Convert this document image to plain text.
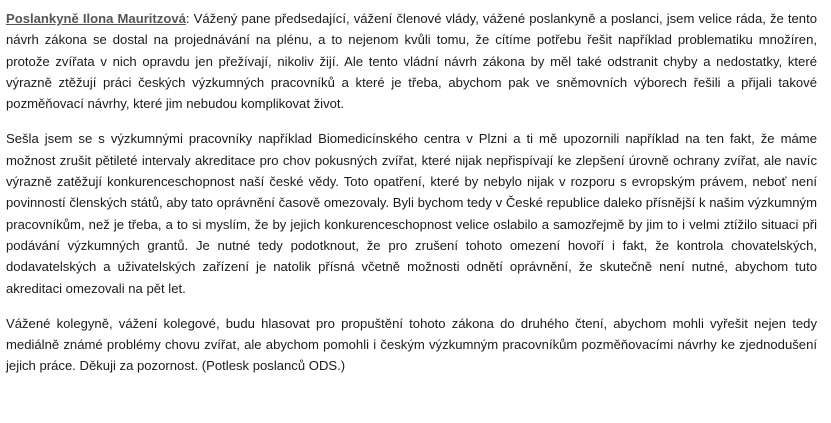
Poslankyně Ilona Mauritzová: Vážený pane předsedající, vážení členové vlády, vážené poslankyně a poslanci, jsem velice ráda, že tento návrh zákona se dostal na projednávání na plénu, a to nejenom kvůli tomu, že cítíme potřebu řešit například problematiku množíren, protože zvířata v nich opravdu jen přežívají, nikoliv žijí. Ale tento vládní návrh zákona by měl také odstranit chyby a nedostatky, které výrazně ztěžují práci českých výzkumných pracovníků a které je třeba, abychom pak ve sněmovních výborech řešili a přijali takové pozměňovací návrhy, které jim nebudou komplikovat život.

Sešla jsem se s výzkumnými pracovníky například Biomedicínského centra v Plzni a ti mě upozornili například na ten fakt, že máme možnost zrušit pětileté intervaly akreditace pro chov pokusných zvířat, které nijak nepřispívají ke zlepšení úrovně ochrany zvířat, ale navíc výrazně zatěžují konkurenceschopnost naší české vědy. Toto opatření, které by nebylo nijak v rozporu s evropským právem, neboť není povinností členských států, aby tato oprávnění časově omezovaly. Byli bychom tedy v České republice daleko přísnější k našim výzkumným pracovníkům, než je třeba, a to si myslím, že by jejich konkurenceschopnost velice oslabilo a samozřejmě by jim to i velmi ztížilo situaci při podávání výzkumných grantů. Je nutné tedy podotknout, že pro zrušení tohoto omezení hovoří i fakt, že kontrola chovatelských, dodavatelských a uživatelských zařízení je natolik přísná včetně možnosti odnětí oprávnění, že skutečně není nutné, abychom tuto akreditaci omezovali na pět let.

Vážené kolegyně, vážení kolegové, budu hlasovat pro propuštění tohoto zákona do druhého čtení, abychom mohli vyřešit nejen tedy mediálně známé problémy chovu zvířat, ale abychom pomohli i českým výzkumným pracovníkům pozměňovacími návrhy ke zjednodušení jejich práce. Děkuji za pozornost. (Potlesk poslanců ODS.)
